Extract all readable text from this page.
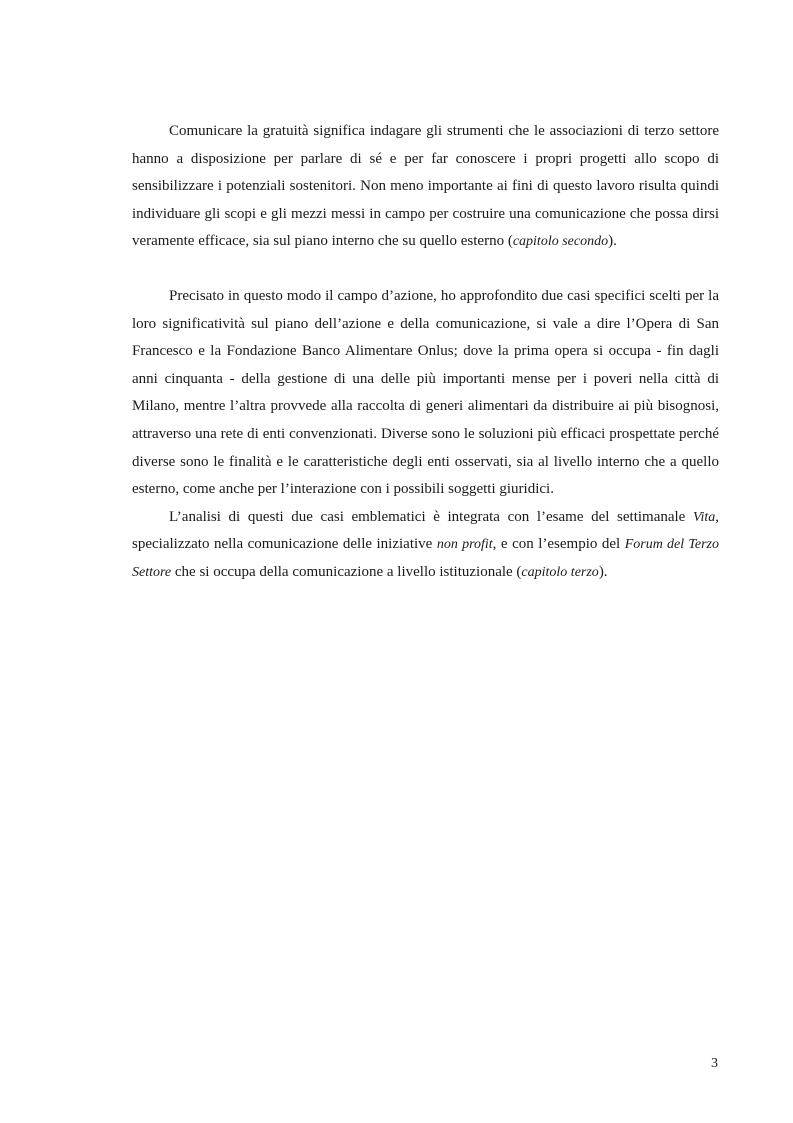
Comunicare la gratuità significa indagare gli strumenti che le associazioni di terzo settore hanno a disposizione per parlare di sé e per far conoscere i propri progetti allo scopo di sensibilizzare i potenziali sostenitori. Non meno importante ai fini di questo lavoro risulta quindi individuare gli scopi e gli mezzi messi in campo per costruire una comunicazione che possa dirsi veramente efficace, sia sul piano interno che su quello esterno (capitolo secondo).

Precisato in questo modo il campo d’azione, ho approfondito due casi specifici scelti per la loro significatività sul piano dell’azione e della comunicazione, si vale a dire l’Opera di San Francesco e la Fondazione Banco Alimentare Onlus; dove la prima opera si occupa - fin dagli anni cinquanta - della gestione di una delle più importanti mense per i poveri nella città di Milano, mentre l’altra provvede alla raccolta di generi alimentari da distribuire ai più bisognosi, attraverso una rete di enti convenzionati. Diverse sono le soluzioni più efficaci prospettate perché diverse sono le finalità e le caratteristiche degli enti osservati, sia al livello interno che a quello esterno, come anche per l’interazione con i possibili soggetti giuridici.

L’analisi di questi due casi emblematici è integrata con l’esame del settimanale Vita, specializzato nella comunicazione delle iniziative non profit, e con l’esempio del Forum del Terzo Settore che si occupa della comunicazione a livello istituzionale (capitolo terzo).

3
